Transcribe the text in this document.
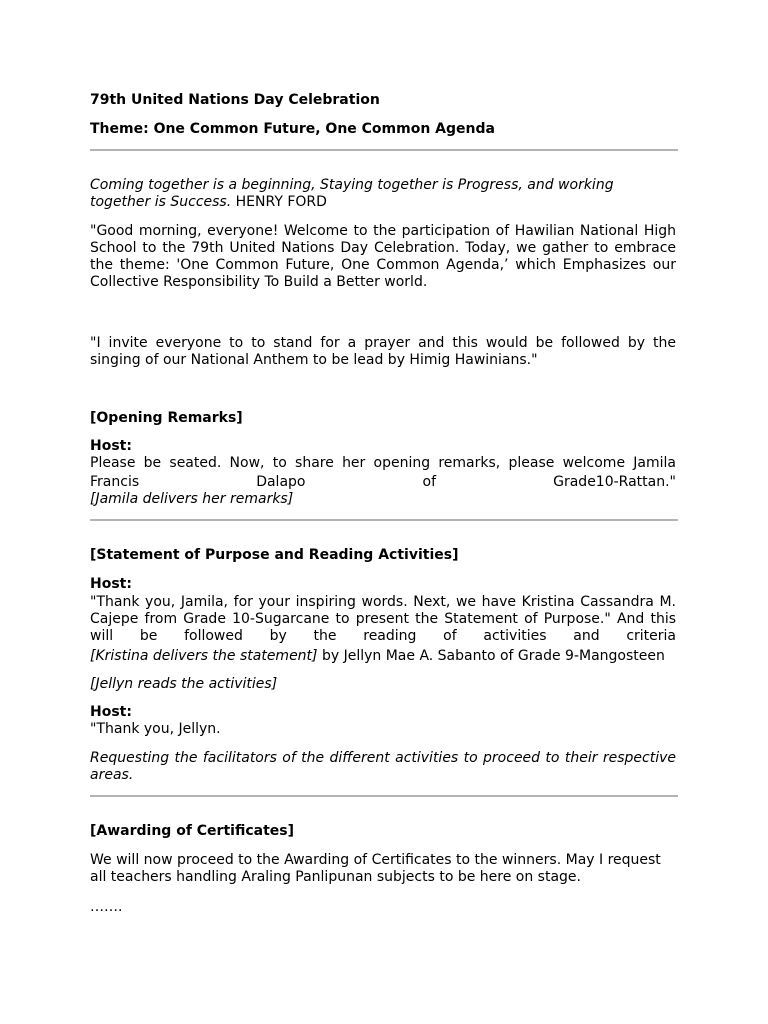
79th United Nations Day Celebration

Theme: One Common Future, One Common Agenda

Coming together is a beginning, Staying together is Progress, and working together is Success. HENRY FORD

"Good morning, everyone! Welcome to the participation of Hawilian National High School to the 79th United Nations Day Celebration. Today, we gather to embrace the theme: 'One Common Future, One Common Agenda,’ which Emphasizes our Collective Responsibility To Build a Better world.

"I invite everyone to to stand for a prayer and this would be followed by the singing of our National Anthem to be lead by Himig Hawinians."

[Opening Remarks]

Host:

Please be seated. Now, to share her opening remarks, please welcome Jamila

Francis Dalapo of Grade10-Rattan."

[Jamila delivers her remarks]

[Statement of Purpose and Reading Activities]

Host:

"Thank you, Jamila, for your inspiring words. Next, we have Kristina Cassandra M. Cajepe from Grade 10-Sugarcane to present the Statement of Purpose." And this will be followed by the reading of activities and criteria

[Kristina delivers the statement] by Jellyn Mae A. Sabanto of Grade 9-Mangosteen

[Jellyn reads the activities]

Host:

"Thank you, Jellyn.

Requesting the facilitators of the different activities to proceed to their respective areas.

[Awarding of Certificates]

We will now proceed to the Awarding of Certificates to the winners. May I request all teachers handling Araling Panlipunan subjects to be here on stage.

…….
